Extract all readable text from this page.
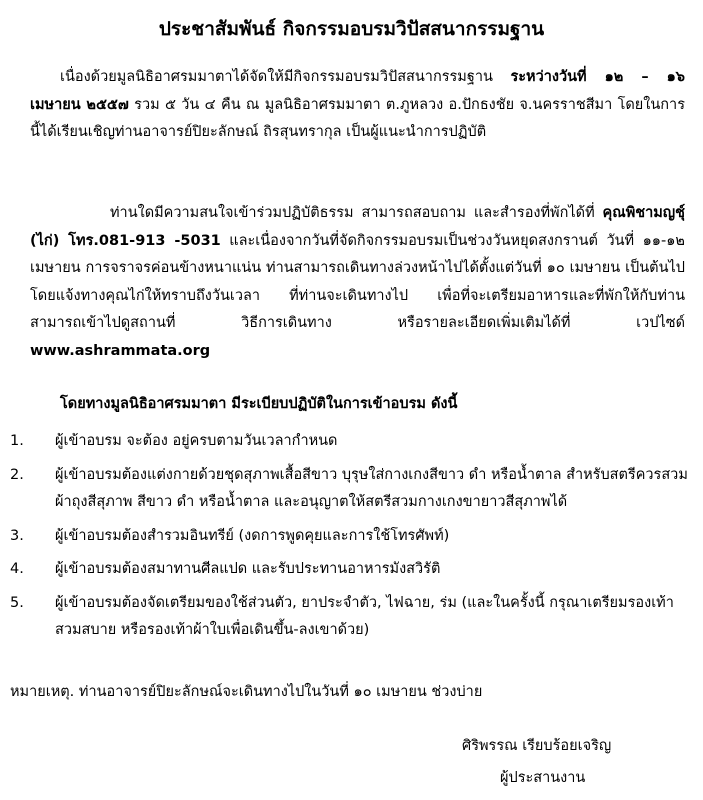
ประชาสัมพันธ์ กิจกรรมอบรมวิปัสสนากรรมฐาน
เนื่องด้วยมูลนิธิอาศรมมาตาได้จัดให้มีกิจกรรมอบรมวิปัสสนากรรมฐาน ระหว่างวันที่ ๑๒ – ๑๖ เมษายน ๒๕๕๗ รวม ๕ วัน ๔ คืน ณ มูลนิธิอาศรมมาตา ต.ภูหลวง อ.ปักธงชัย จ.นครราชสีมา โดยในการนี้ได้เรียนเชิญท่านอาจารย์ปิยะลักษณ์ ถิรสุนทรากุล เป็นผู้แนะนำการปฏิบัติ
ท่านใดมีความสนใจเข้าร่วมปฏิบัติธรรม สามารถสอบถาม และสำรองที่พักได้ที่ คุณพิชามญชุ์ (ไก่) โทร.081-913 -5031 และเนื่องจากวันที่จัดกิจกรรมอบรมเป็นช่วงวันหยุดสงกรานต์ วันที่ ๑๑-๑๒ เมษายน การจราจรค่อนข้างหนาแน่น ท่านสามารถเดินทางล่วงหน้าไปได้ตั้งแต่วันที่ ๑๐ เมษายน เป็นต้นไป โดยแจ้งทางคุณไก่ให้ทราบถึงวันเวลา ที่ท่านจะเดินทางไป เพื่อที่จะเตรียมอาหารและที่พักให้กับท่าน สามารถเข้าไปดูสถานที่ วิธีการเดินทาง หรือรายละเอียดเพิ่มเติมได้ที่ เวปไซด์ www.ashrammata.org
โดยทางมูลนิธิอาศรมมาตา มีระเบียบปฏิบัติในการเข้าอบรม ดังนี้
1.	ผู้เข้าอบรม จะต้อง อยู่ครบตามวันเวลากำหนด
2.	ผู้เข้าอบรมต้องแต่งกายด้วยชุดสุภาพเสื้อสีขาว บุรุษใส่กางเกงสีขาว ดำ หรือน้ำตาล สำหรับสตรีควรสวมผ้าถุงสีสุภาพ สีขาว ดำ หรือน้ำตาล และอนุญาตให้สตรีสวมกางเกงขายาวสีสุภาพได้
3.	ผู้เข้าอบรมต้องสำรวมอินทรีย์ (งดการพูดคุยและการใช้โทรศัพท์)
4.	ผู้เข้าอบรมต้องสมาทานศีลแปด และรับประทานอาหารมังสวิรัติ
5.	ผู้เข้าอบรมต้องจัดเตรียมของใช้ส่วนตัว, ยาประจำตัว, ไฟฉาย, ร่ม (และในครั้งนี้ กรุณาเตรียมรองเท้าสวมสบาย หรือรองเท้าผ้าใบเพื่อเดินขึ้น-ลงเขาด้วย)
หมายเหตุ. ท่านอาจารย์ปิยะลักษณ์จะเดินทางไปในวันที่ ๑๐ เมษายน ช่วงบ่าย
ศิริพรรณ เรียบร้อยเจริญ
ผู้ประสานงาน
